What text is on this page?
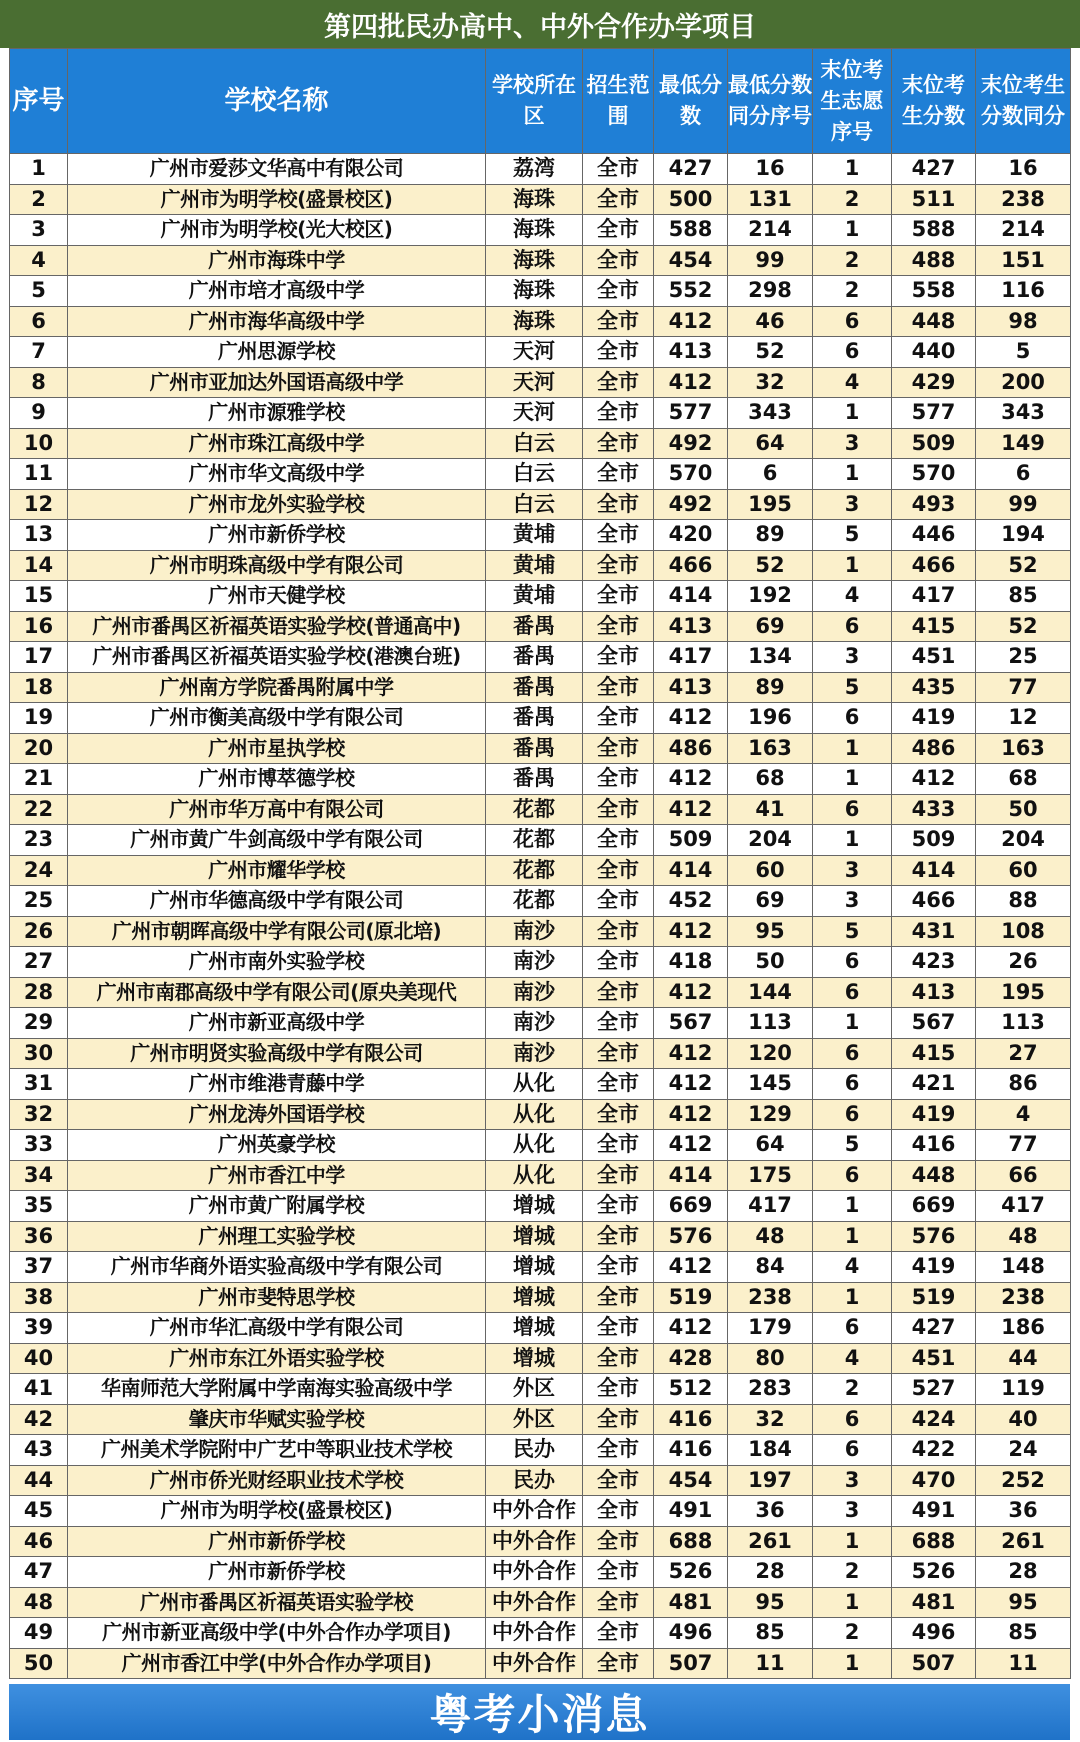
第四批民办高中、中外合作办学项目
序号	学校名称	学校所在区	招生范围	最低分数	最低分数同分序号	末位考生志愿序号	末位考生分数	末位考生分数同分
1	广州市爱莎文华高中有限公司	荔湾	全市	427	16	1	427	16
2	广州市为明学校(盛景校区)	海珠	全市	500	131	2	511	238
3	广州市为明学校(光大校区)	海珠	全市	588	214	1	588	214
4	广州市海珠中学	海珠	全市	454	99	2	488	151
5	广州市培才高级中学	海珠	全市	552	298	2	558	116
6	广州市海华高级中学	海珠	全市	412	46	6	448	98
7	广州思源学校	天河	全市	413	52	6	440	5
8	广州市亚加达外国语高级中学	天河	全市	412	32	4	429	200
9	广州市源雅学校	天河	全市	577	343	1	577	343
10	广州市珠江高级中学	白云	全市	492	64	3	509	149
11	广州市华文高级中学	白云	全市	570	6	1	570	6
12	广州市龙外实验学校	白云	全市	492	195	3	493	99
13	广州市新侨学校	黄埔	全市	420	89	5	446	194
14	广州市明珠高级中学有限公司	黄埔	全市	466	52	1	466	52
15	广州市天健学校	黄埔	全市	414	192	4	417	85
16	广州市番禺区祈福英语实验学校(普通高中)	番禺	全市	413	69	6	415	52
17	广州市番禺区祈福英语实验学校(港澳台班)	番禺	全市	417	134	3	451	25
18	广州南方学院番禺附属中学	番禺	全市	413	89	5	435	77
19	广州市衡美高级中学有限公司	番禺	全市	412	196	6	419	12
20	广州市星执学校	番禺	全市	486	163	1	486	163
21	广州市博萃德学校	番禺	全市	412	68	1	412	68
22	广州市华万高中有限公司	花都	全市	412	41	6	433	50
23	广州市黄广牛剑高级中学有限公司	花都	全市	509	204	1	509	204
24	广州市耀华学校	花都	全市	414	60	3	414	60
25	广州市华德高级中学有限公司	花都	全市	452	69	3	466	88
26	广州市朝晖高级中学有限公司(原北培)	南沙	全市	412	95	5	431	108
27	广州市南外实验学校	南沙	全市	418	50	6	423	26
28	广州市南郡高级中学有限公司(原央美现代	南沙	全市	412	144	6	413	195
29	广州市新亚高级中学	南沙	全市	567	113	1	567	113
30	广州市明贤实验高级中学有限公司	南沙	全市	412	120	6	415	27
31	广州市维港青藤中学	从化	全市	412	145	6	421	86
32	广州龙涛外国语学校	从化	全市	412	129	6	419	4
33	广州英豪学校	从化	全市	412	64	5	416	77
34	广州市香江中学	从化	全市	414	175	6	448	66
35	广州市黄广附属学校	增城	全市	669	417	1	669	417
36	广州理工实验学校	增城	全市	576	48	1	576	48
37	广州市华商外语实验高级中学有限公司	增城	全市	412	84	4	419	148
38	广州市斐特思学校	增城	全市	519	238	1	519	238
39	广州市华汇高级中学有限公司	增城	全市	412	179	6	427	186
40	广州市东江外语实验学校	增城	全市	428	80	4	451	44
41	华南师范大学附属中学南海实验高级中学	外区	全市	512	283	2	527	119
42	肇庆市华赋实验学校	外区	全市	416	32	6	424	40
43	广州美术学院附中广艺中等职业技术学校	民办	全市	416	184	6	422	24
44	广州市侨光财经职业技术学校	民办	全市	454	197	3	470	252
45	广州市为明学校(盛景校区)	中外合作	全市	491	36	3	491	36
46	广州市新侨学校	中外合作	全市	688	261	1	688	261
47	广州市新侨学校	中外合作	全市	526	28	2	526	28
48	广州市番禺区祈福英语实验学校	中外合作	全市	481	95	1	481	95
49	广州市新亚高级中学(中外合作办学项目)	中外合作	全市	496	85	2	496	85
50	广州市香江中学(中外合作办学项目)	中外合作	全市	507	11	1	507	11
粤考小消息
